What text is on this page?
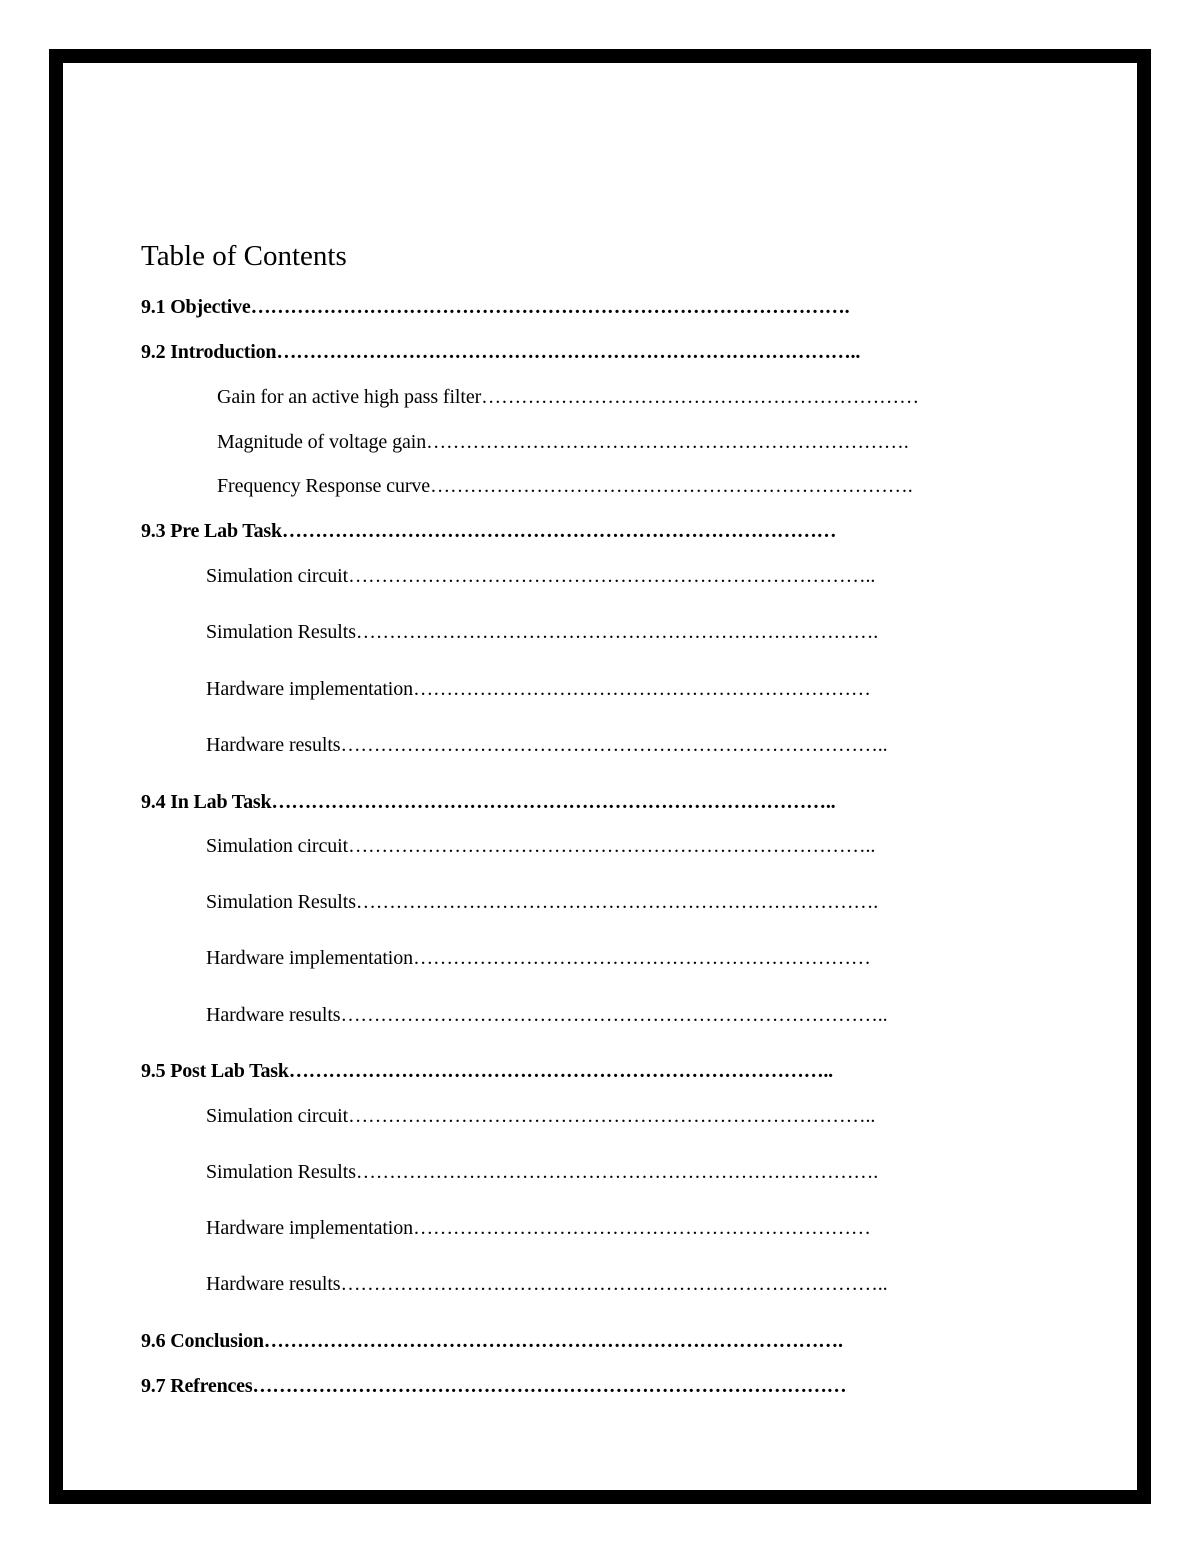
Table of Contents
9.1 Objective……………………………………………………………………………….
9.2 Introduction……………………………………………………………………………..
Gain for an active high pass filter…………………………………………………………
Magnitude of voltage gain……………………………………………………………….
Frequency Response curve……………………………………………………………….
9.3 Pre Lab Task…………………………………………………………………………
Simulation circuit……………………………………………………………………..
Simulation Results…………………………………………………………………….
Hardware implementation……………………………………………………………
Hardware results………………………………………………………………………..
9.4 In Lab Task…………………………………………………………………………..
Simulation circuit……………………………………………………………………..
Simulation Results…………………………………………………………………….
Hardware implementation……………………………………………………………
Hardware results………………………………………………………………………..
9.5 Post Lab Task………………………………………………………………………..
Simulation circuit……………………………………………………………………..
Simulation Results…………………………………………………………………….
Hardware implementation……………………………………………………………
Hardware results………………………………………………………………………..
9.6 Conclusion…………………………………………………………………………….
9.7 Refrences………………………………………………………………………………
